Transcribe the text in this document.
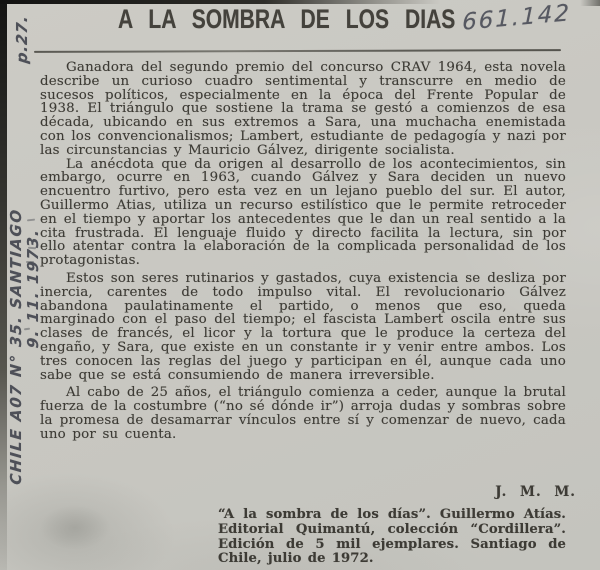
p.27.	A LA SOMBRA DE LOS DIAS 661.142
CHILE A07 N° 35. SANTIAGO 9. 11. 1973.

Ganadora del segundo premio del concurso CRAV 1964, esta novela describe un curioso cuadro sentimental y transcurre en medio de sucesos políticos, especialmente en la época del Frente Popular de 1938. El triángulo que sostiene la trama se gestó a comienzos de esa década, ubicando en sus extremos a Sara, una muchacha enemistada con los convencionalismos; Lambert, estudiante de pedagogía y nazi por las circunstancias y Mauricio Gálvez, dirigente socialista.

La anécdota que da origen al desarrollo de los acontecimientos, sin embargo, ocurre en 1963, cuando Gálvez y Sara deciden un nuevo encuentro furtivo, pero esta vez en un lejano pueblo del sur. El autor, Guillermo Atias, utiliza un recurso estilístico que le permite retroceder en el tiempo y aportar los antecedentes que le dan un real sentido a la cita frustrada. El lenguaje fluido y directo facilita la lectura, sin por ello atentar contra la elaboración de la complicada personalidad de los protagonistas.

Estos son seres rutinarios y gastados, cuya existencia se desliza por inercia, carentes de todo impulso vital. El revolucionario Gálvez abandona paulatinamente el partido, o menos que eso, queda marginado con el paso del tiempo; el fascista Lambert oscila entre sus clases de francés, el licor y la tortura que le produce la certeza del engaño, y Sara, que existe en un constante ir y venir entre ambos. Los tres conocen las reglas del juego y participan en él, aunque cada uno sabe que se está consumiendo de manera irreversible.

Al cabo de 25 años, el triángulo comienza a ceder, aunque la brutal fuerza de la costumbre (“no sé dónde ir”) arroja dudas y sombras sobre la promesa de desamarrar vínculos entre sí y comenzar de nuevo, cada uno por su cuenta.

J. M. M.
“A la sombra de los días”. Guillermo Atías. Editorial Quimantú, colección “Cordillera”. Edición de 5 mil ejemplares. Santiago de Chile, julio de 1972.
